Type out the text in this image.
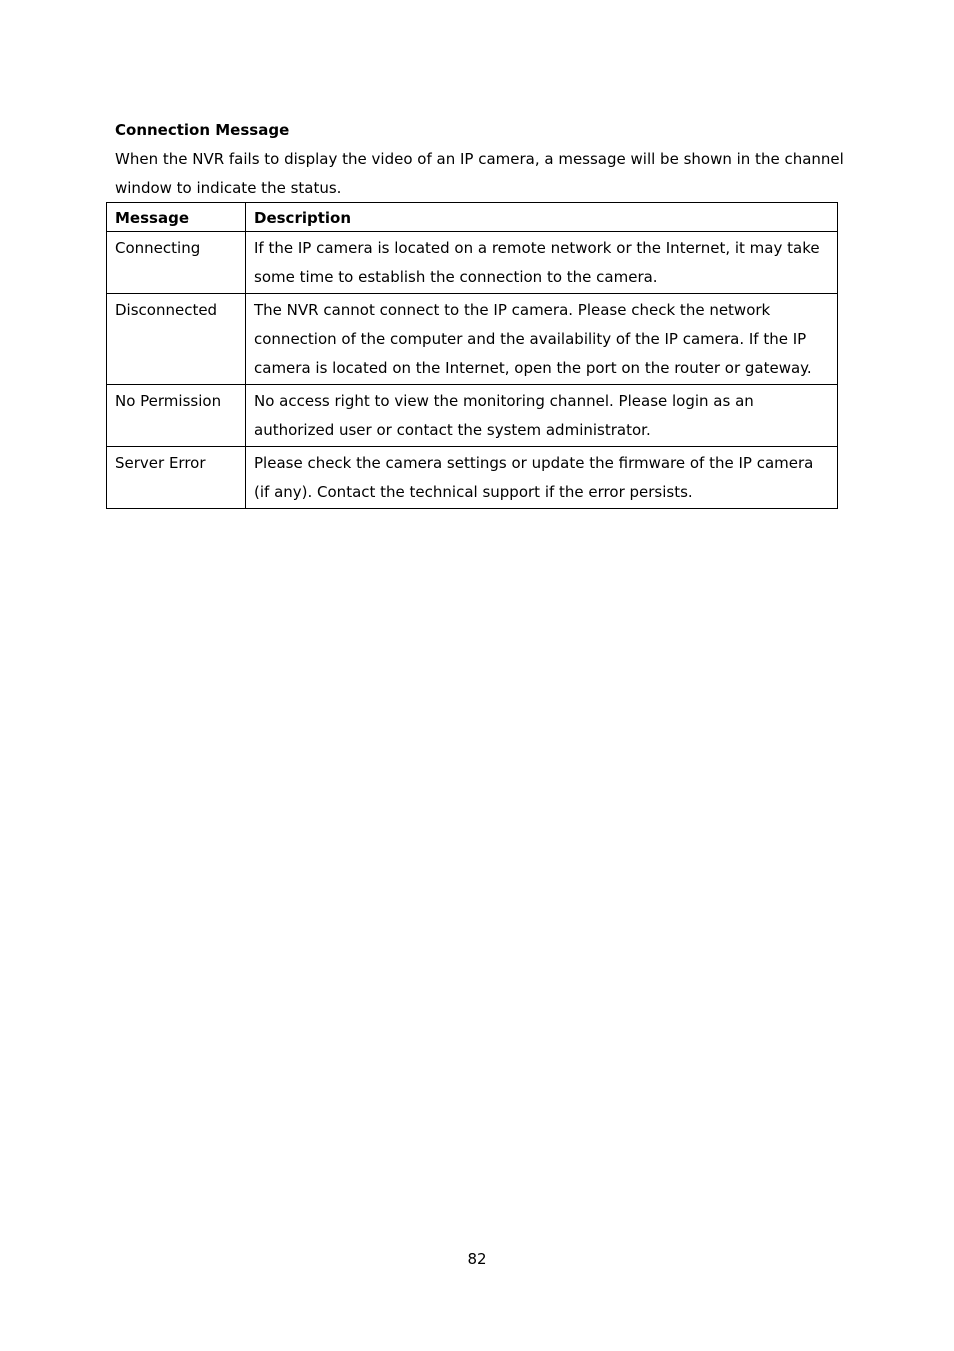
Connection Message

When the NVR fails to display the video of an IP camera, a message will be shown in the channel window to indicate the status.

Message	Description
Connecting	If the IP camera is located on a remote network or the Internet, it may take some time to establish the connection to the camera.
Disconnected	The NVR cannot connect to the IP camera. Please check the network connection of the computer and the availability of the IP camera. If the IP camera is located on the Internet, open the port on the router or gateway.
No Permission	No access right to view the monitoring channel. Please login as an authorized user or contact the system administrator.
Server Error	Please check the camera settings or update the firmware of the IP camera (if any). Contact the technical support if the error persists.
82
